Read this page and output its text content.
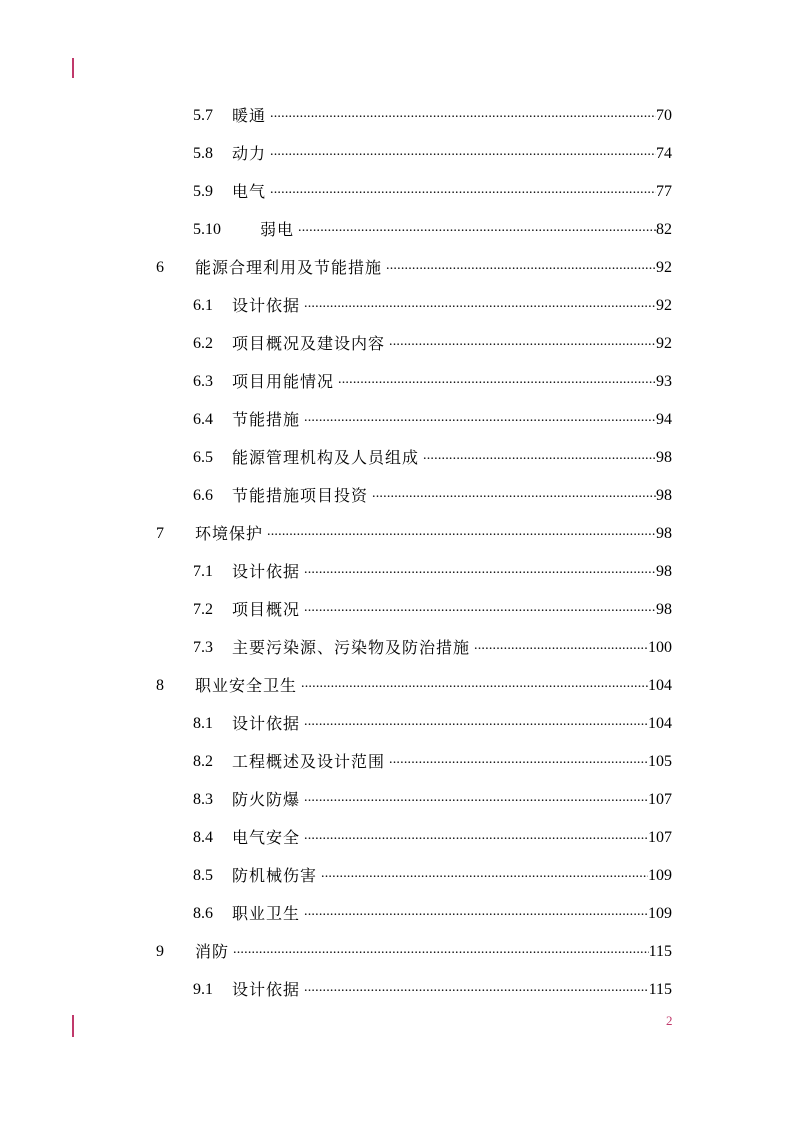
5.7	暖通 .....	70
5.8	动力 .....	74
5.9	电气 .....	77
5.10	弱电 .....	82
6	能源合理利用及节能措施 .....	92
6.1	设计依据 .....	92
6.2	项目概况及建设内容 .....	92
6.3	项目用能情况 .....	93
6.4	节能措施 .....	94
6.5	能源管理机构及人员组成 .....	98
6.6	节能措施项目投资 .....	98
7	环境保护 .....	98
7.1	设计依据 .....	98
7.2	项目概况 .....	98
7.3	主要污染源、污染物及防治措施 .....	100
8	职业安全卫生 .....	104
8.1	设计依据 .....	104
8.2	工程概述及设计范围 .....	105
8.3	防火防爆 .....	107
8.4	电气安全 .....	107
8.5	防机械伤害 .....	109
8.6	职业卫生 .....	109
9	消防 .....	115
9.1	设计依据 .....	115
2
